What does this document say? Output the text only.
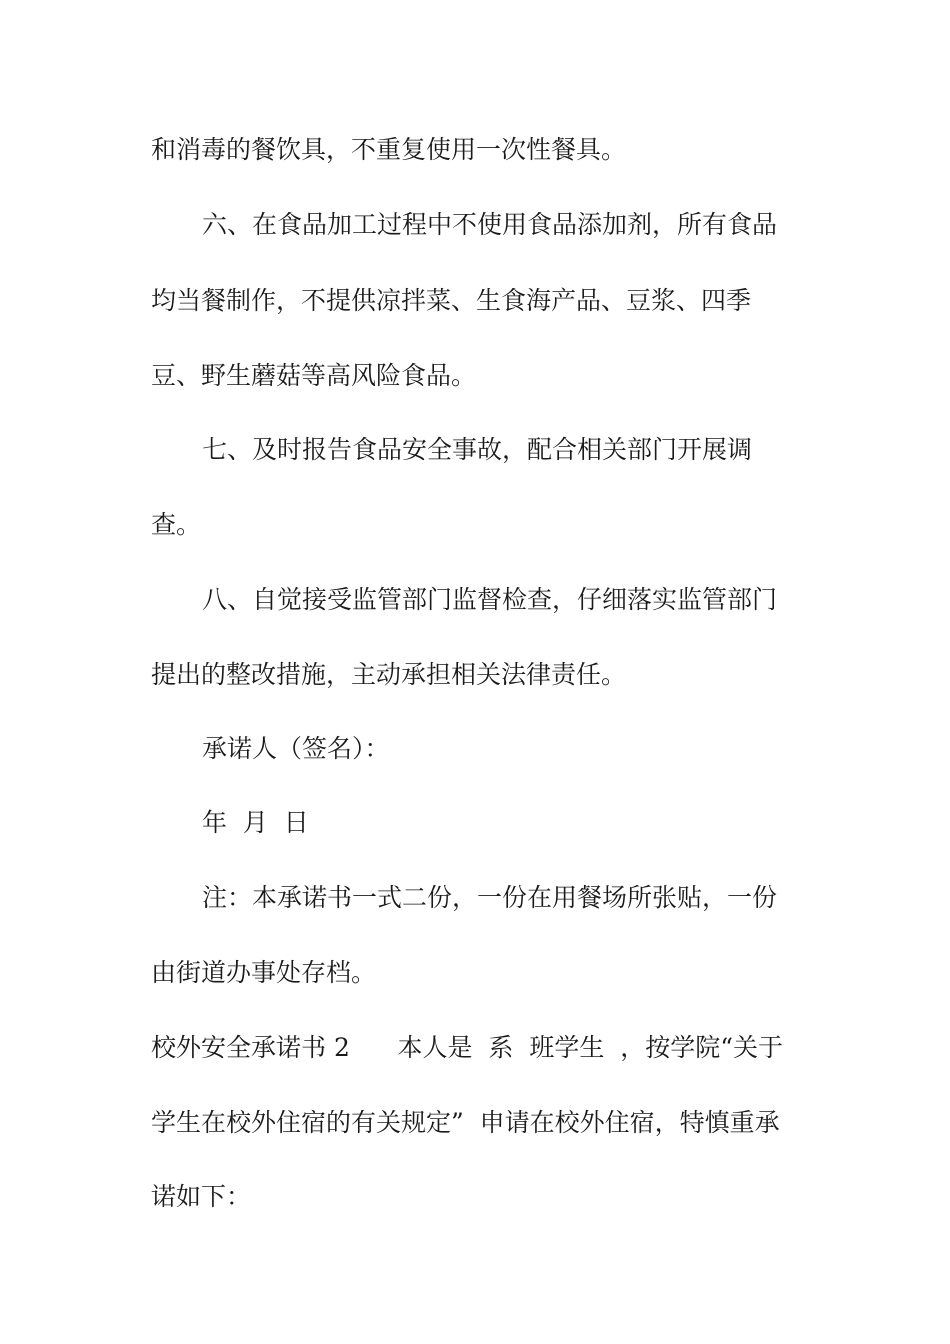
和消毒的餐饮具，不重复使用一次性餐具。
六、在食品加工过程中不使用食品添加剂，所有食品
均当餐制作，不提供凉拌菜、生食海产品、豆浆、四季
豆、野生蘑菇等高风险食品。
七、及时报告食品安全事故，配合相关部门开展调
查。
八、自觉接受监管部门监督检查，仔细落实监管部门
提出的整改措施，主动承担相关法律责任。
承诺人（签名）：
年  月  日
注：本承诺书一式二份，一份在用餐场所张贴，一份
由街道办事处存档。
校外安全承诺书 2      本人是  系  班学生  ，按学院“关于
学生在校外住宿的有关规定”  申请在校外住宿，特慎重承
诺如下：
